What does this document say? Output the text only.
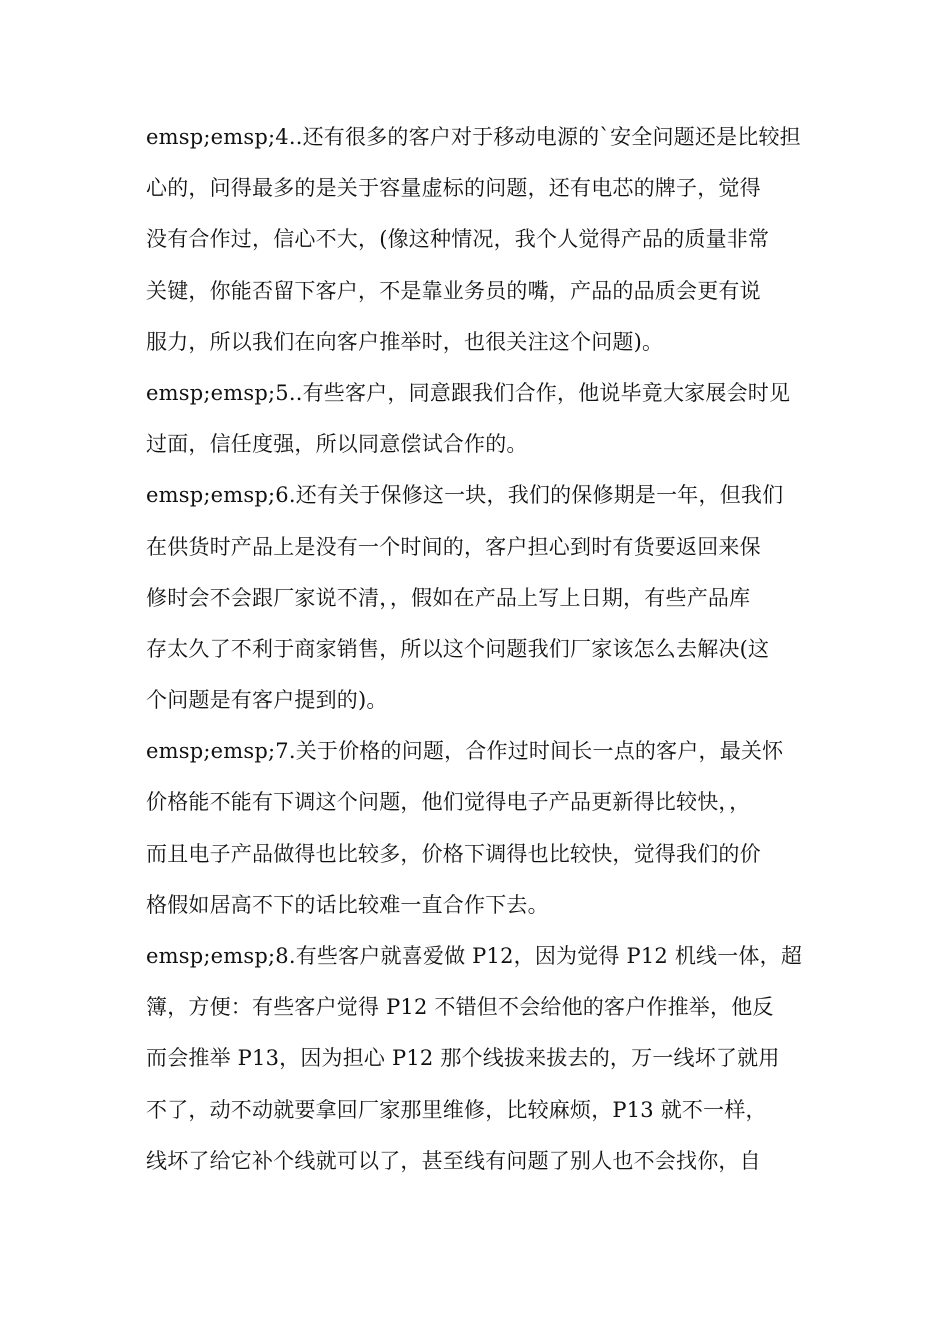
emsp;emsp;4..还有很多的客户对于移动电源的`安全问题还是比较担
心的，问得最多的是关于容量虚标的问题，还有电芯的牌子，觉得
没有合作过，信心不大，(像这种情况，我个人觉得产品的质量非常
关键，你能否留下客户，不是靠业务员的嘴，产品的品质会更有说
服力，所以我们在向客户推举时，也很关注这个问题)。

emsp;emsp;5..有些客户，同意跟我们合作，他说毕竟大家展会时见
过面，信任度强，所以同意偿试合作的。

emsp;emsp;6.还有关于保修这一块，我们的保修期是一年，但我们
在供货时产品上是没有一个时间的，客户担心到时有货要返回来保
修时会不会跟厂家说不清，，假如在产品上写上日期，有些产品库
存太久了不利于商家销售，所以这个问题我们厂家该怎么去解决(这
个问题是有客户提到的)。

emsp;emsp;7.关于价格的问题，合作过时间长一点的客户，最关怀
价格能不能有下调这个问题，他们觉得电子产品更新得比较快，，
而且电子产品做得也比较多，价格下调得也比较快，觉得我们的价
格假如居高不下的话比较难一直合作下去。

emsp;emsp;8.有些客户就喜爱做 P12，因为觉得 P12 机线一体，超
簿，方便：有些客户觉得 P12 不错但不会给他的客户作推举，他反
而会推举 P13，因为担心 P12 那个线拔来拔去的，万一线坏了就用
不了，动不动就要拿回厂家那里维修，比较麻烦，P13 就不一样，
线坏了给它补个线就可以了，甚至线有问题了别人也不会找你，自
